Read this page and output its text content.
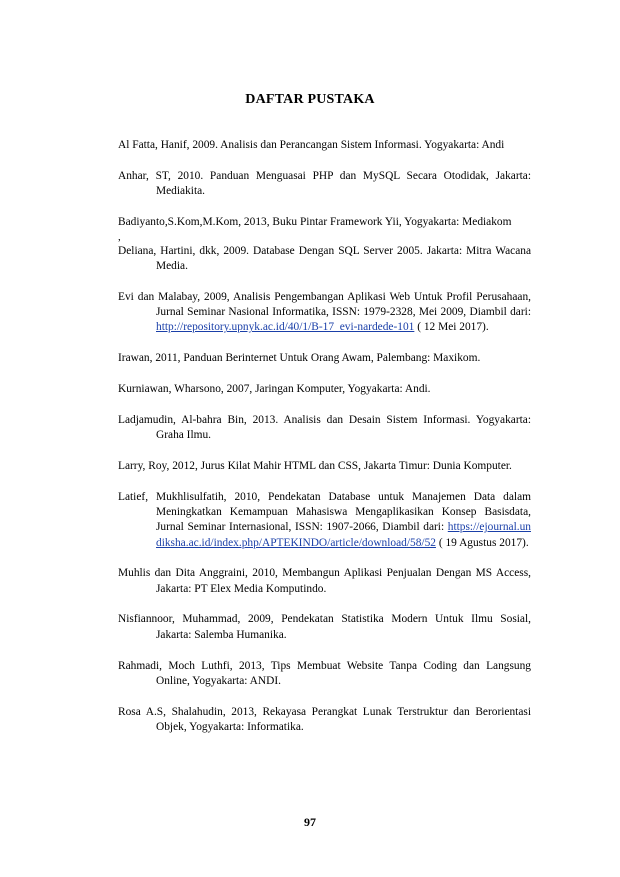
DAFTAR PUSTAKA

Al Fatta, Hanif, 2009. Analisis dan Perancangan Sistem Informasi. Yogyakarta: Andi

Anhar, ST, 2010. Panduan Menguasai PHP dan MySQL Secara Otodidak, Jakarta: Mediakita.

Badiyanto,S.Kom,M.Kom, 2013, Buku Pintar Framework Yii, Yogyakarta: Mediakom

,

Deliana, Hartini, dkk, 2009. Database Dengan SQL Server 2005. Jakarta: Mitra Wacana Media.

Evi dan Malabay, 2009, Analisis Pengembangan Aplikasi Web Untuk Profil Perusahaan, Jurnal Seminar Nasional Informatika, ISSN: 1979-2328, Mei 2009, Diambil dari: http://repository.upnyk.ac.id/40/1/B-17_evi-nardede-101 ( 12 Mei 2017).

Irawan, 2011, Panduan Berinternet Untuk Orang Awam, Palembang: Maxikom.

Kurniawan, Wharsono, 2007, Jaringan Komputer, Yogyakarta: Andi.

Ladjamudin, Al-bahra Bin, 2013. Analisis dan Desain Sistem Informasi. Yogyakarta: Graha Ilmu.

Larry, Roy, 2012, Jurus Kilat Mahir HTML dan CSS, Jakarta Timur: Dunia Komputer.

Latief, Mukhlisulfatih, 2010, Pendekatan Database untuk Manajemen Data dalam Meningkatkan Kemampuan Mahasiswa Mengaplikasikan Konsep Basisdata, Jurnal Seminar Internasional, ISSN: 1907-2066, Diambil dari: https://ejournal.undiksha.ac.id/index.php/APTEKINDO/article/download/58/52 ( 19 Agustus 2017).

Muhlis dan Dita Anggraini, 2010, Membangun Aplikasi Penjualan Dengan MS Access, Jakarta: PT Elex Media Komputindo.

Nisfiannoor, Muhammad, 2009, Pendekatan Statistika Modern Untuk Ilmu Sosial, Jakarta: Salemba Humanika.

Rahmadi, Moch Luthfi, 2013, Tips Membuat Website Tanpa Coding dan Langsung Online, Yogyakarta: ANDI.

Rosa A.S, Shalahudin, 2013, Rekayasa Perangkat Lunak Terstruktur dan Berorientasi Objek, Yogyakarta: Informatika.

97
